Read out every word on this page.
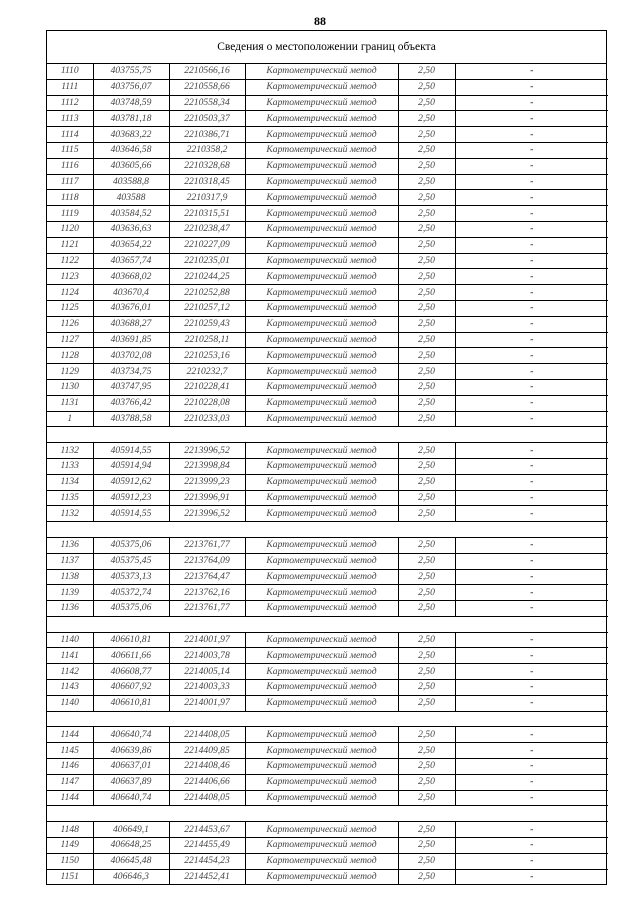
88
Сведения о местоположении границ объекта
1110	403755,75	2210566,16	Картометрический метод	2,50	-
1111	403756,07	2210558,66	Картометрический метод	2,50	-
1112	403748,59	2210558,34	Картометрический метод	2,50	-
1113	403781,18	2210503,37	Картометрический метод	2,50	-
1114	403683,22	2210386,71	Картометрический метод	2,50	-
1115	403646,58	2210358,2	Картометрический метод	2,50	-
1116	403605,66	2210328,68	Картометрический метод	2,50	-
1117	403588,8	2210318,45	Картометрический метод	2,50	-
1118	403588	2210317,9	Картометрический метод	2,50	-
1119	403584,52	2210315,51	Картометрический метод	2,50	-
1120	403636,63	2210238,47	Картометрический метод	2,50	-
1121	403654,22	2210227,09	Картометрический метод	2,50	-
1122	403657,74	2210235,01	Картометрический метод	2,50	-
1123	403668,02	2210244,25	Картометрический метод	2,50	-
1124	403670,4	2210252,88	Картометрический метод	2,50	-
1125	403676,01	2210257,12	Картометрический метод	2,50	-
1126	403688,27	2210259,43	Картометрический метод	2,50	-
1127	403691,85	2210258,11	Картометрический метод	2,50	-
1128	403702,08	2210253,16	Картометрический метод	2,50	-
1129	403734,75	2210232,7	Картометрический метод	2,50	-
1130	403747,95	2210228,41	Картометрический метод	2,50	-
1131	403766,42	2210228,08	Картометрический метод	2,50	-
1	403788,58	2210233,03	Картометрический метод	2,50	-

1132	405914,55	2213996,52	Картометрический метод	2,50	-
1133	405914,94	2213998,84	Картометрический метод	2,50	-
1134	405912,62	2213999,23	Картометрический метод	2,50	-
1135	405912,23	2213996,91	Картометрический метод	2,50	-
1132	405914,55	2213996,52	Картометрический метод	2,50	-

1136	405375,06	2213761,77	Картометрический метод	2,50	-
1137	405375,45	2213764,09	Картометрический метод	2,50	-
1138	405373,13	2213764,47	Картометрический метод	2,50	-
1139	405372,74	2213762,16	Картометрический метод	2,50	-
1136	405375,06	2213761,77	Картометрический метод	2,50	-

1140	406610,81	2214001,97	Картометрический метод	2,50	-
1141	406611,66	2214003,78	Картометрический метод	2,50	-
1142	406608,77	2214005,14	Картометрический метод	2,50	-
1143	406607,92	2214003,33	Картометрический метод	2,50	-
1140	406610,81	2214001,97	Картометрический метод	2,50	-

1144	406640,74	2214408,05	Картометрический метод	2,50	-
1145	406639,86	2214409,85	Картометрический метод	2,50	-
1146	406637,01	2214408,46	Картометрический метод	2,50	-
1147	406637,89	2214406,66	Картометрический метод	2,50	-
1144	406640,74	2214408,05	Картометрический метод	2,50	-

1148	406649,1	2214453,67	Картометрический метод	2,50	-
1149	406648,25	2214455,49	Картометрический метод	2,50	-
1150	406645,48	2214454,23	Картометрический метод	2,50	-
1151	406646,3	2214452,41	Картометрический метод	2,50	-
